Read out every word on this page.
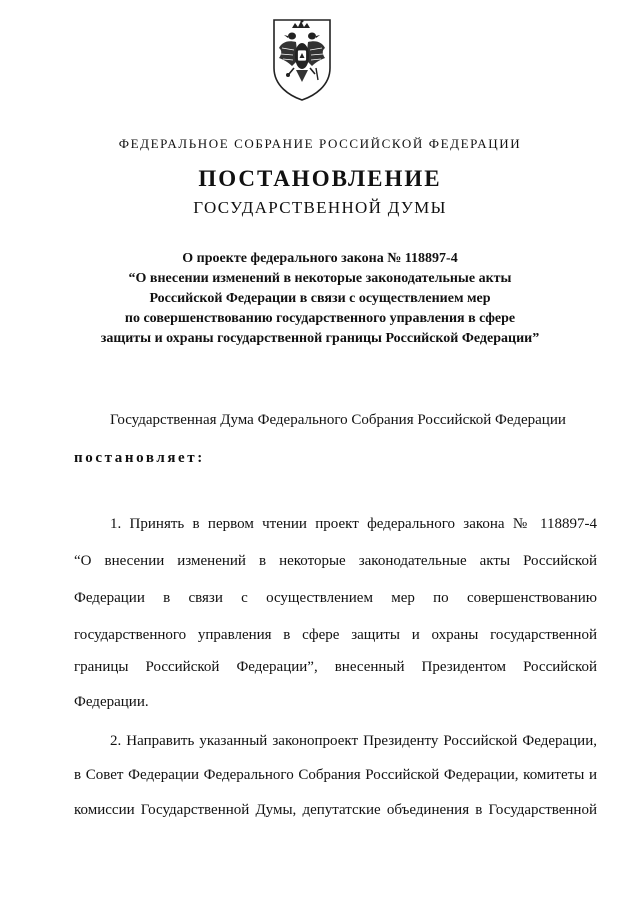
ФЕДЕРАЛЬНОЕ СОБРАНИЕ РОССИЙСКОЙ ФЕДЕРАЦИИ
ПОСТАНОВЛЕНИЕ
ГОСУДАРСТВЕННОЙ ДУМЫ
О проекте федерального закона № 118897-4
“О внесении изменений в некоторые законодательные акты
Российской Федерации в связи с осуществлением мер
по совершенствованию государственного управления в сфере
защиты и охраны государственной границы Российской Федерации”
Государственная Дума Федерального Собрания Российской Федерации
постановляет:
1. Принять в первом чтении проект федерального закона № 118897-4
“О внесении изменений в некоторые законодательные акты Российской
Федерации в связи с осуществлением мер по совершенствованию
государственного управления в сфере защиты и охраны государственной
границы Российской Федерации”, внесенный Президентом Российской
Федерации.
2. Направить указанный законопроект Президенту Российской Федерации,
в Совет Федерации Федерального Собрания Российской Федерации, комитеты и
комиссии Государственной Думы, депутатские объединения в Государственной
